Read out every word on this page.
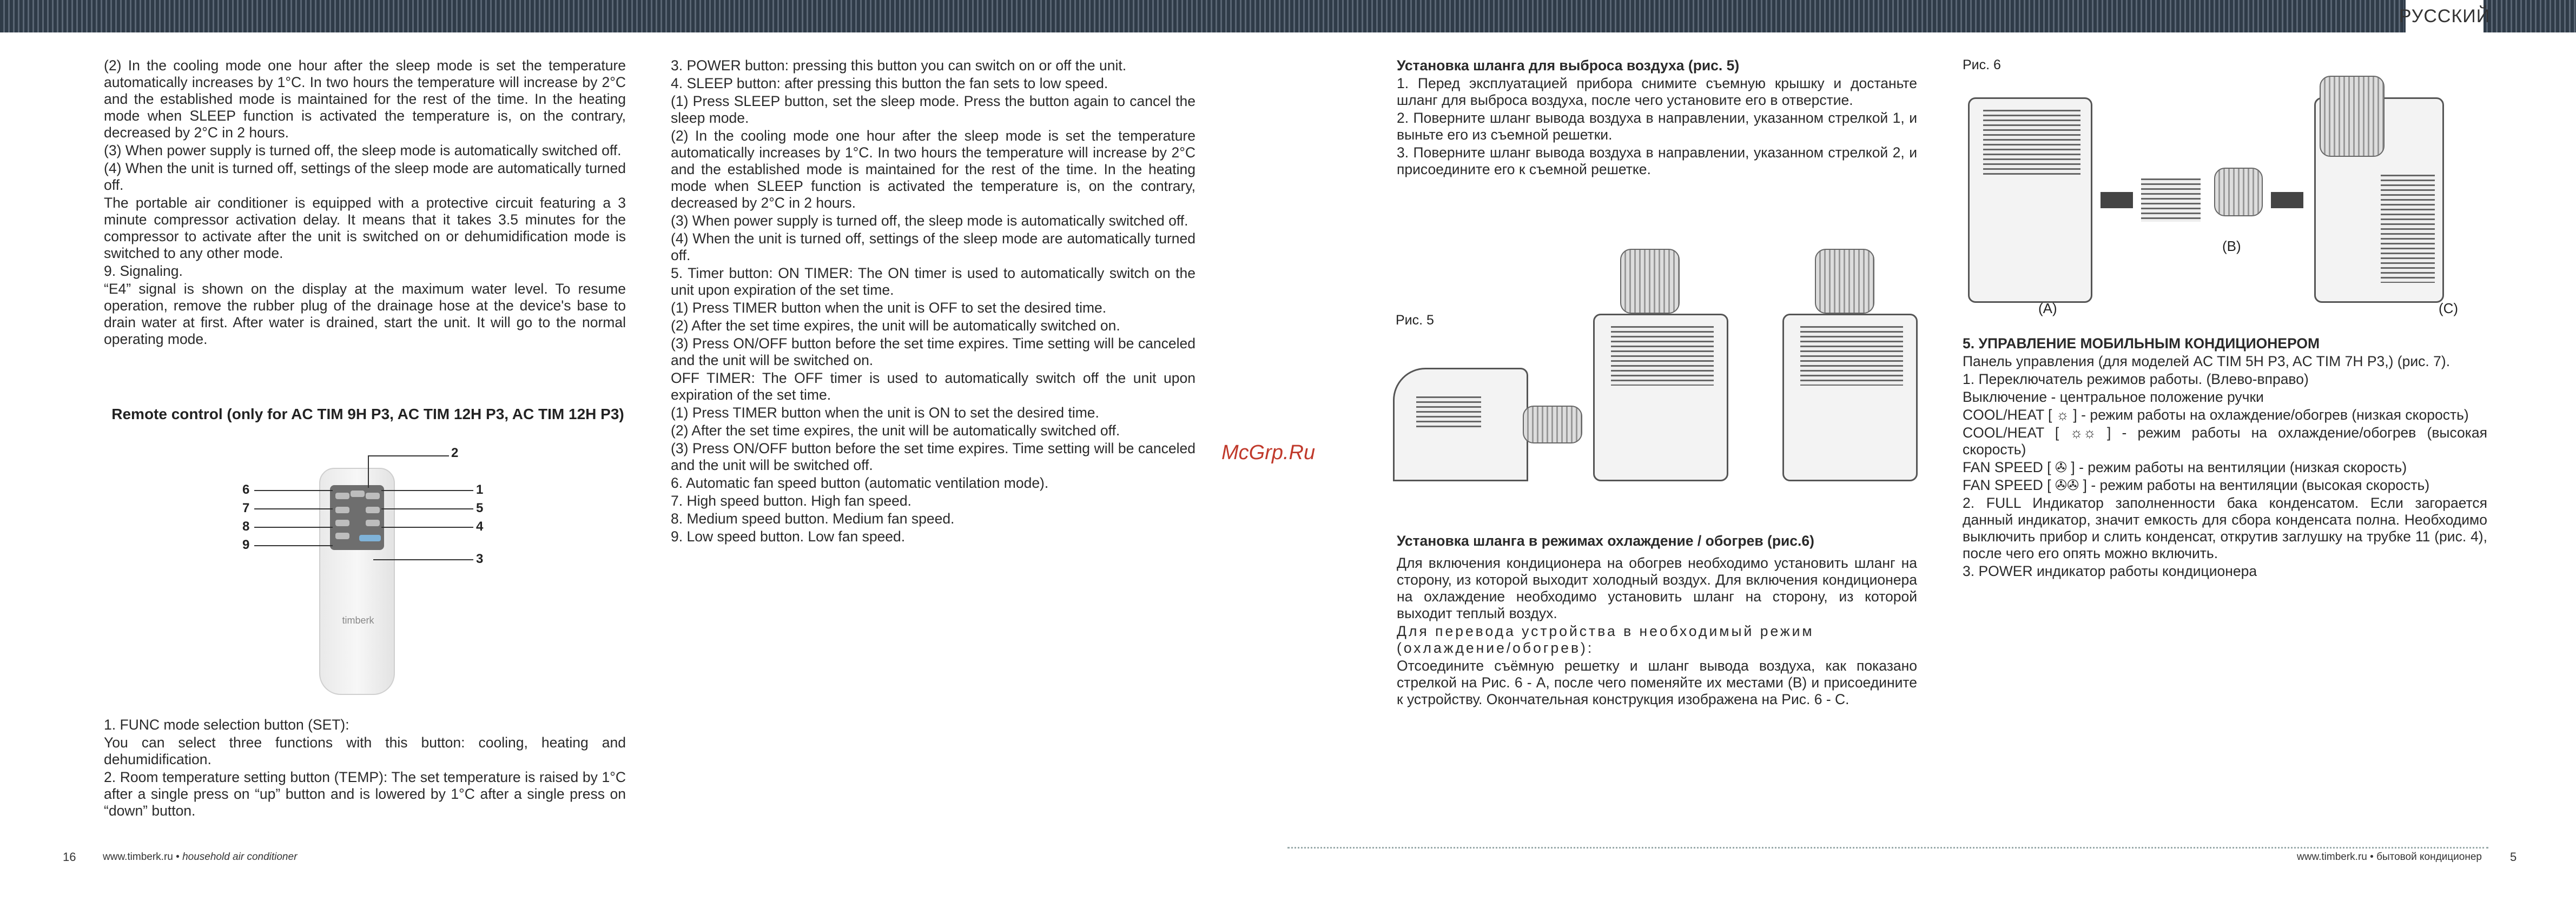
РУССКИЙ

(2) In the cooling mode one hour after the sleep mode is set the temperature automatically increases by 1°C. In two hours the temperature will increase by 2°C and the established mode is maintained for the rest of the time. In the heating mode when SLEEP function is activated the temperature is, on the contrary, decreased by 2°C in 2 hours.

(3) When power supply is turned off, the sleep mode is automatically switched off.

(4) When the unit is turned off, settings of the sleep mode are automatically turned off.

The portable air conditioner is equipped with a protective circuit featuring a 3 minute compressor activation delay. It means that it takes 3.5 minutes for the compressor to activate after the unit is switched on or dehumidification mode is switched to any other mode.

9. Signaling.

“E4” signal is shown on the display at the maximum water level. To resume operation, remove the rubber plug of the drainage hose at the device's base to drain water at first. After water is drained, start the unit. It will go to the normal operating mode.

Remote control (only for AC TIM 9H P3, AC TIM 12H P3, AC TIM 12H P3)
timberk
2
6
7
8
9
1
5
4
3

1. FUNC mode selection button (SET):

You can select three functions with this button: cooling, heating and dehumidification.

2. Room temperature setting button (TEMP): The set temperature is raised by 1°C after a single press on “up” button and is lowered by 1°C after a single press on “down” button.

3. POWER button: pressing this button you can switch on or off the unit.

4. SLEEP button: after pressing this button the fan sets to low speed.

(1) Press SLEEP button, set the sleep mode. Press the button again to cancel the sleep mode.

(2) In the cooling mode one hour after the sleep mode is set the temperature automatically increases by 1°C. In two hours the temperature will increase by 2°C and the established mode is maintained for the rest of the time. In the heating mode when SLEEP function is activated the temperature is, on the contrary, decreased by 2°C in 2 hours.

(3) When power supply is turned off, the sleep mode is automatically switched off.

(4) When the unit is turned off, settings of the sleep mode are automatically turned off.

5. Timer button: ON TIMER: The ON timer is used to automatically switch on the unit upon expiration of the set time.

(1) Press TIMER button when the unit is OFF to set the desired time.

(2) After the set time expires, the unit will be automatically switched on.

(3) Press ON/OFF button before the set time expires. Time setting will be canceled and the unit will be switched on.

OFF TIMER: The OFF timer is used to automatically switch off the unit upon expiration of the set time.

(1) Press TIMER button when the unit is ON to set the desired time.

(2) After the set time expires, the unit will be automatically switched off.

(3) Press ON/OFF button before the set time expires. Time setting will be canceled and the unit will be switched off.

6. Automatic fan speed button (automatic ventilation mode).

7. High speed button. High fan speed.

8. Medium speed button. Medium fan speed.

9. Low speed button. Low fan speed.

McGrp.Ru

Установка шланга для выброса воздуха (рис. 5)

1. Перед эксплуатацией прибора снимите съемную крышку и достаньте шланг для выброса воздуха, после чего установите его в отверстие.

2. Поверните шланг вывода воздуха в направлении, указанном стрелкой 1, и выньте его из съемной решетки.

3. Поверните шланг вывода воздуха в направлении, указанном стрелкой 2, и присоедините его к съемной решетке.

Рис. 5

Установка шланга в режимах охлаждение / обогрев (рис.6)

Для включения кондиционера на обогрев необходимо установить шланг на сторону, из которой выходит холодный воздух. Для включения кондиционера на охлаждение необходимо установить шланг на сторону, из которой выходит теплый воздух.

Для перевода устройства в необходимый режим (охлаждение/обогрев):

Отсоедините съёмную решетку и шланг вывода воздуха, как показано стрелкой на Рис. 6 - А, после чего поменяйте их местами (B) и присоедините к устройству. Окончательная конструкция изображена на Рис. 6 - С.

Рис. 6
(A)
(B)
(C)

5. УПРАВЛЕНИЕ МОБИЛЬНЫМ КОНДИЦИОНЕРОМ

Панель управления (для моделей AC TIM 5H P3, AC TIM 7H P3,) (рис. 7).

1. Переключатель режимов работы. (Влево-вправо)

Выключение - центральное положение ручки

COOL/HEAT [ ☼ ] - режим работы на охлаждение/обогрев (низкая скорость)

COOL/HEAT [ ☼☼ ] - режим работы на охлаждение/обогрев (высокая скорость)

FAN SPEED [ ✇ ] - режим работы на вентиляции (низкая скорость)

FAN SPEED [ ✇✇ ] - режим работы на вентиляции (высокая скорость)

2. FULL Индикатор заполненности бака конденсатом. Если загорается данный индикатор, значит емкость для сбора конденсата полна. Необходимо выключить прибор и слить конденсат, открутив заглушку на трубке 11 (рис. 4), после чего его опять можно включить.

3. POWER индикатор работы кондиционера

16	www.timberk.ru • household air conditioner	www.timberk.ru • бытовой кондиционер 5
